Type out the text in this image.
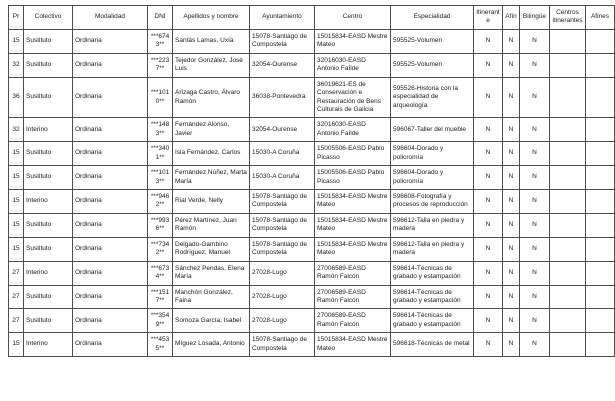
Pr	Colectivo	Modalidad	DNI	Apellidos y nombre	Ayuntamiento	Centro	Especialidad	Itinerante	Afín	Bilingüe	Centros itinerantes	Afines
15	Sustituto	Ordinaria	***6743**	Santás Lamas, Uxía	15078-Santiago de Compostela	15015834-EASD Mestre Mateo	595525-Volumen	N	N	N		
32	Sustituto	Ordinaria	***2237**	Tejedor González, José Luis	32054-Ourense	32016030-EASD Antonio Faílde	595525-Volumen	N	N	N		
36	Sustituto	Ordinaria	***1010**	Arizaga Castro, Álvaro Ramón	36038-Pontevedra	36019621-ES de Conservación e Restauración de Bens Culturais de Galicia	595526-Historia con la especialidad de arqueología	N	N	N		
32	Interino	Ordinaria	***1483**	Fernández Alonso, Javier	32054-Ourense	32016030-EASD Antonio Faílde	596067-Taller del mueble	N	N	N		
15	Sustituto	Ordinaria	***3401**	Isla Fernández, Carlos	15030-A Coruña	15005506-EASD Pablo Picasso	596604-Dorado y policromía	N	N	N		
15	Sustituto	Ordinaria	***1013**	Fernández Núñez, Marta María	15030-A Coruña	15005506-EASD Pablo Picasso	596604-Dorado y policromía	N	N	N		
15	Interino	Ordinaria	***9462**	Rial Verde, Nelly	15078-Santiago de Compostela	15015834-EASD Mestre Mateo	596608-Fotografía y procesos de reproducción	N	N	N		
15	Sustituto	Ordinaria	***9936**	Pérez Martínez, Juan Ramón	15078-Santiago de Compostela	15015834-EASD Mestre Mateo	596612-Talla en piedra y madera	N	N	N		
15	Sustituto	Ordinaria	***7342**	Delgado-Gambino Rodríguez, Manuel	15078-Santiago de Compostela	15015834-EASD Mestre Mateo	596612-Talla en piedra y madera	N	N	N		
27	Interino	Ordinaria	***6734**	Sánchez Pendas, Elena María	27028-Lugo	27006589-EASD Ramón Falcón	596614-Técnicas de grabado y estampación	N	N	N		
27	Sustituto	Ordinaria	***1517**	Manchón González, Faina	27028-Lugo	27006589-EASD Ramón Falcón	596614-Técnicas de grabado y estampación	N	N	N		
27	Sustituto	Ordinaria	***3549**	Somoza García, Isabel	27028-Lugo	27006589-EASD Ramón Falcón	596614-Técnicas de grabado y estampación	N	N	N		
15	Interino	Ordinaria	***4535**	Míguez Losada, Antonio	15078-Santiago de Compostela	15015834-EASD Mestre Mateo	596618-Técnicas de metal	N	N	N		
